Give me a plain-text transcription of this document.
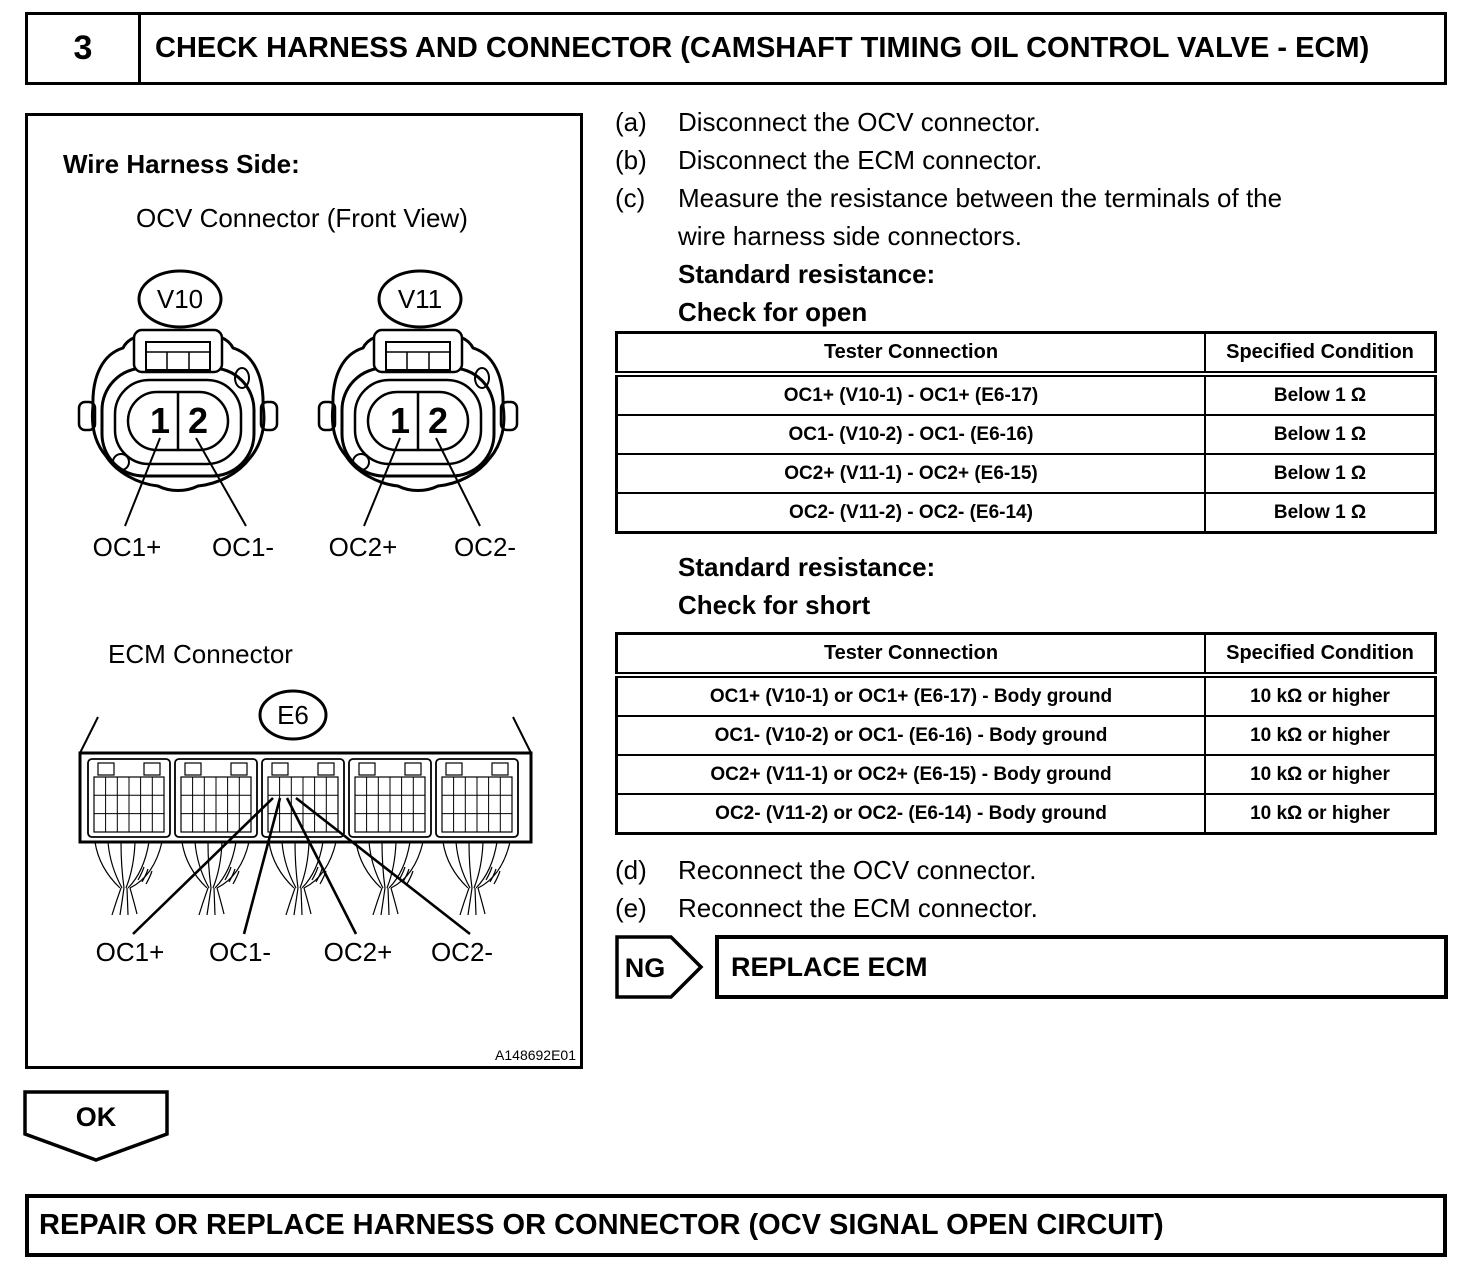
3	CHECK HARNESS AND CONNECTOR (CAMSHAFT TIMING OIL CONTROL VALVE - ECM)
Wire Harness Side:
OCV Connector (Front View)
V10	V11
1 2	1 2
OC1+ OC1- OC2+ OC2-
ECM Connector
E6
OC1+ OC1- OC2+ OC2-
A148692E01
(a)	Disconnect the OCV connector.
(b)	Disconnect the ECM connector.
(c)	Measure the resistance between the terminals of the wire harness side connectors.
Standard resistance:
Check for open
Tester Connection	Specified Condition
OC1+ (V10-1) - OC1+ (E6-17)	Below 1 Ω
OC1- (V10-2) - OC1- (E6-16)	Below 1 Ω
OC2+ (V11-1) - OC2+ (E6-15)	Below 1 Ω
OC2- (V11-2) - OC2- (E6-14)	Below 1 Ω
Standard resistance:
Check for short
Tester Connection	Specified Condition
OC1+ (V10-1) or OC1+ (E6-17) - Body ground	10 kΩ or higher
OC1- (V10-2) or OC1- (E6-16) - Body ground	10 kΩ or higher
OC2+ (V11-1) or OC2+ (E6-15) - Body ground	10 kΩ or higher
OC2- (V11-2) or OC2- (E6-14) - Body ground	10 kΩ or higher
(d)	Reconnect the OCV connector.
(e)	Reconnect the ECM connector.
NG	REPLACE ECM
OK
REPAIR OR REPLACE HARNESS OR CONNECTOR (OCV SIGNAL OPEN CIRCUIT)
